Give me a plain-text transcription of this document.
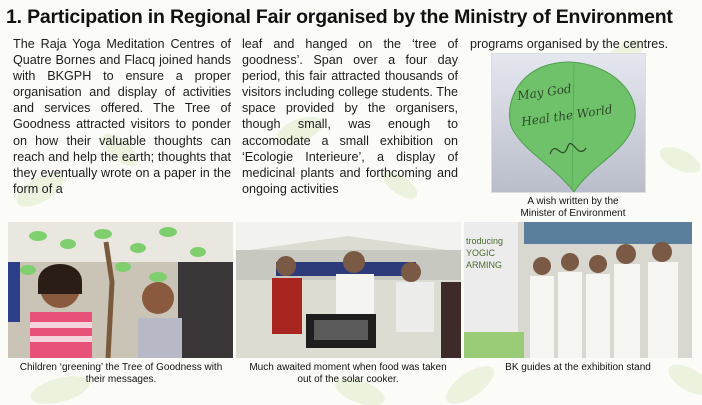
1. Participation in Regional Fair organised by the Ministry of Environment

The Raja Yoga Meditation Centres of Quatre Bornes and Flacq joined hands with BKGPH to ensure a proper organisation and display of activities and services offered. The Tree of Goodness attracted visitors to ponder on how their valuable thoughts can reach and help the earth; thoughts that they eventually wrote on a paper in the form of a

leaf and hanged on the ‘tree of goodness’. Span over a four day period, this fair attracted thousands of visitors including college students. The space provided by the organisers, though small, was enough to accomodate a small exhibition on ‘Ecologie Interieure’, a display of medicinal plants and forthcoming and ongoing activities

programs organised by the centres.

May God
Heal the World
A wish written by the Minister of Environment
Children ‘greening’ the Tree of Goodness with their messages.
Much awaited moment when food was taken out of the solar cooker.
troducing
YOGIC
ARMING
BK guides at the exhibition stand
